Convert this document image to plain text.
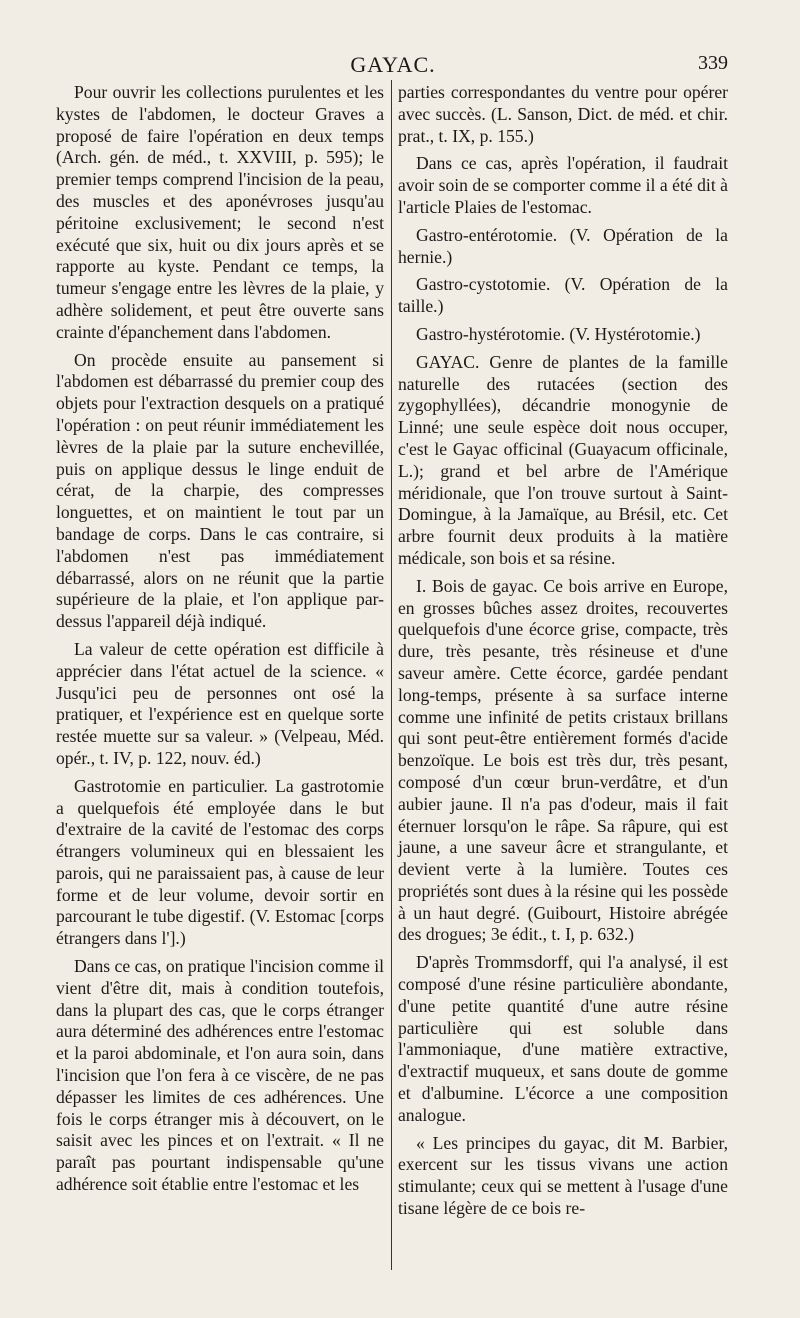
GAYAC.	339

Pour ouvrir les collections purulentes et les kystes de l'abdomen, le docteur Graves a proposé de faire l'opération en deux temps (Arch. gén. de méd., t. XXVIII, p. 595); le premier temps comprend l'incision de la peau, des muscles et des aponévroses jusqu'au péritoine exclusivement; le second n'est exécuté que six, huit ou dix jours après et se rapporte au kyste. Pendant ce temps, la tumeur s'engage entre les lèvres de la plaie, y adhère solidement, et peut être ouverte sans crainte d'épanchement dans l'abdomen.

On procède ensuite au pansement si l'abdomen est débarrassé du premier coup des objets pour l'extraction desquels on a pratiqué l'opération : on peut réunir immédiatement les lèvres de la plaie par la suture enchevillée, puis on applique dessus le linge enduit de cérat, de la charpie, des compresses longuettes, et on maintient le tout par un bandage de corps. Dans le cas contraire, si l'abdomen n'est pas immédiatement débarrassé, alors on ne réunit que la partie supérieure de la plaie, et l'on applique par-dessus l'appareil déjà indiqué.

La valeur de cette opération est difficile à apprécier dans l'état actuel de la science. « Jusqu'ici peu de personnes ont osé la pratiquer, et l'expérience est en quelque sorte restée muette sur sa valeur. » (Velpeau, Méd. opér., t. IV, p. 122, nouv. éd.)

Gastrotomie en particulier. La gastrotomie a quelquefois été employée dans le but d'extraire de la cavité de l'estomac des corps étrangers volumineux qui en blessaient les parois, qui ne paraissaient pas, à cause de leur forme et de leur volume, devoir sortir en parcourant le tube digestif. (V. Estomac [corps étrangers dans l'].)

Dans ce cas, on pratique l'incision comme il vient d'être dit, mais à condition toutefois, dans la plupart des cas, que le corps étranger aura déterminé des adhérences entre l'estomac et la paroi abdominale, et l'on aura soin, dans l'incision que l'on fera à ce viscère, de ne pas dépasser les limites de ces adhérences. Une fois le corps étranger mis à découvert, on le saisit avec les pinces et on l'extrait. « Il ne paraît pas pourtant indispensable qu'une adhérence soit établie entre l'estomac et les

parties correspondantes du ventre pour opérer avec succès. (L. Sanson, Dict. de méd. et chir. prat., t. IX, p. 155.)

Dans ce cas, après l'opération, il faudrait avoir soin de se comporter comme il a été dit à l'article Plaies de l'estomac.

Gastro-entérotomie. (V. Opération de la hernie.)

Gastro-cystotomie. (V. Opération de la taille.)

Gastro-hystérotomie. (V. Hystérotomie.)

GAYAC. Genre de plantes de la famille naturelle des rutacées (section des zygophyllées), décandrie monogynie de Linné; une seule espèce doit nous occuper, c'est le Gayac officinal (Guayacum officinale, L.); grand et bel arbre de l'Amérique méridionale, que l'on trouve surtout à Saint-Domingue, à la Jamaïque, au Brésil, etc. Cet arbre fournit deux produits à la matière médicale, son bois et sa résine.

I. Bois de gayac. Ce bois arrive en Europe, en grosses bûches assez droites, recouvertes quelquefois d'une écorce grise, compacte, très dure, très pesante, très résineuse et d'une saveur amère. Cette écorce, gardée pendant long-temps, présente à sa surface interne comme une infinité de petits cristaux brillans qui sont peut-être entièrement formés d'acide benzoïque. Le bois est très dur, très pesant, composé d'un cœur brun-verdâtre, et d'un aubier jaune. Il n'a pas d'odeur, mais il fait éternuer lorsqu'on le râpe. Sa râpure, qui est jaune, a une saveur âcre et strangulante, et devient verte à la lumière. Toutes ces propriétés sont dues à la résine qui les possède à un haut degré. (Guibourt, Histoire abrégée des drogues; 3e édit., t. I, p. 632.)

D'après Trommsdorff, qui l'a analysé, il est composé d'une résine particulière abondante, d'une petite quantité d'une autre résine particulière qui est soluble dans l'ammoniaque, d'une matière extractive, d'extractif muqueux, et sans doute de gomme et d'albumine. L'écorce a une composition analogue.

« Les principes du gayac, dit M. Barbier, exercent sur les tissus vivans une action stimulante; ceux qui se mettent à l'usage d'une tisane légère de ce bois re-
